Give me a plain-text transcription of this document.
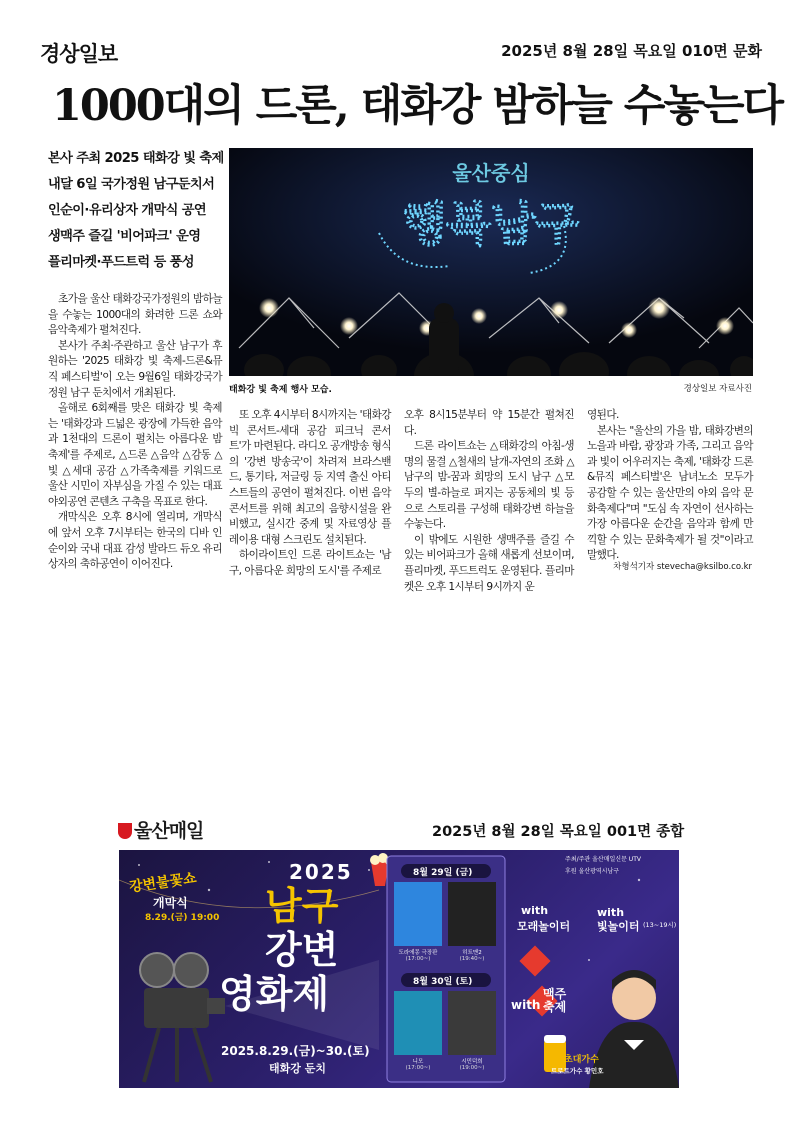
경상일보	2025년 8월 28일 목요일 010면 문화
1000대의 드론, 태화강 밤하늘 수놓는다
본사 주최 2025 태화강 빛 축제
내달 6일 국가정원 남구둔치서
인순이·유리상자 개막식 공연
생맥주 즐길 '비어파크' 운영
플리마켓·푸드트럭 등 풍성
울산중심
행복남구
태화강 빛 축제 행사 모습.	경상일보 자료사진

초가을 울산 태화강국가정원의 밤하늘을 수놓는 1000대의 화려한 드론 쇼와 음악축제가 펼쳐진다.

본사가 주최·주관하고 울산 남구가 후원하는 '2025 태화강 빛 축제-드론&뮤직 페스티벌'이 오는 9월6일 태화강국가정원 남구 둔치에서 개최된다.

올해로 6회째를 맞은 태화강 빛 축제는 '태화강과 드넓은 광장에 가득한 음악과 1천대의 드론이 펼치는 아름다운 밤 축제'를 주제로, △드론 △음악 △감동 △빛 △세대 공감 △가족축제를 키워드로 울산 시민이 자부심을 가질 수 있는 대표 야외공연 콘텐츠 구축을 목표로 한다.

개막식은 오후 8시에 열리며, 개막식에 앞서 오후 7시부터는 한국의 디바 인순이와 국내 대표 감성 발라드 듀오 유리상자의 축하공연이 이어진다.

또 오후 4시부터 8시까지는 '태화강 빅 콘서트-세대 공감 피크닉 콘서트'가 마련된다. 라디오 공개방송 형식의 '강변 방송국'이 차려져 브라스밴드, 통기타, 저글링 등 지역 출신 아티스트들의 공연이 펼쳐진다. 이번 음악 콘서트를 위해 최고의 음향시설을 완비했고, 실시간 중계 및 자료영상 플레이용 대형 스크린도 설치된다.

하이라이트인 드론 라이트쇼는 '남구, 아름다운 희망의 도시'를 주제로

오후 8시15분부터 약 15분간 펼쳐진다.

드론 라이트쇼는 △태화강의 아침-생명의 물결 △철새의 날개-자연의 조화 △남구의 밤-꿈과 희망의 도시 남구 △모두의 별-하늘로 퍼지는 공동체의 빛 등으로 스토리를 구성해 태화강변 하늘을 수놓는다.

이 밖에도 시원한 생맥주를 즐길 수 있는 비어파크가 올해 새롭게 선보이며, 플리마켓, 푸드트럭도 운영된다. 플리마켓은 오후 1시부터 9시까지 운

영된다.

본사는 "울산의 가을 밤, 태화강변의 노을과 바람, 광장과 가족, 그리고 음악과 빛이 어우러지는 축제, '태화강 드론&뮤직 페스티벌'은 남녀노소 모두가 공감할 수 있는 울산만의 야외 음악 문화축제다"며 "도심 속 자연이 선사하는 가장 아름다운 순간을 음악과 함께 만끽할 수 있는 문화축제가 될 것"이라고 말했다.

차형석기자 stevecha@ksilbo.co.kr
울산매일	2025년 8월 28일 목요일 001면 종합
강변불꽃쇼
개막식
8.29.(금) 19:00
2025
남구
강변
영화제
2025.8.29.(금)~30.(토)
태화강 둔치
8월 29일 (금)
8월 30일 (토)
도라에몽 극장판
(17:00~)
히트맨2
(19:40~)
니모
(17:00~)
시민덕희
(19:00~)
with
모래놀이터
with
빛놀이터 (13~19시)
with
맥주
축제
주최/주관 울산매일신문 UTV
후원 울산광역시남구
초대가수
트로트가수 황민호
